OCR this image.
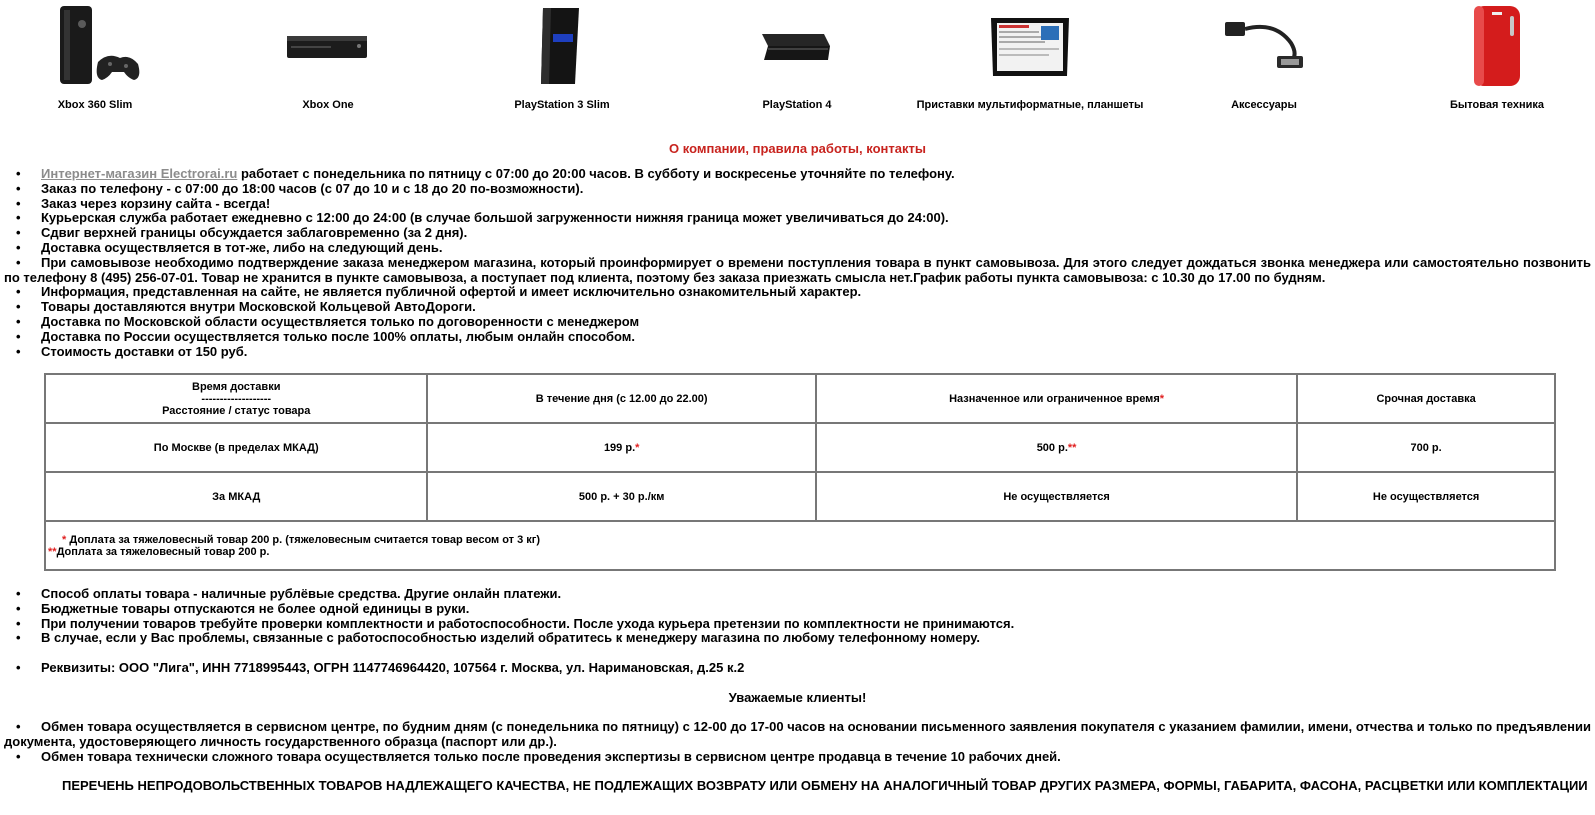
Xbox 360 Slim	Xbox One	PlayStation 3 Slim	PlayStation 4	Приставки мультиформатные, планшеты	Аксессуары	Бытовая техника
О компании, правила работы, контакты
• Интернет-магазин Electrorai.ru работает с понедельника по пятницу с 07:00 до 20:00 часов. В субботу и воскресенье уточняйте по телефону.
• Заказ по телефону - с 07:00 до 18:00 часов (с 07 до 10 и с 18 до 20 по-возможности).
• Заказ через корзину сайта - всегда!
• Курьерская служба работает ежедневно с 12:00 до 24:00 (в случае большой загруженности нижняя граница может увеличиваться до 24:00).
• Сдвиг верхней границы обсуждается заблаговременно (за 2 дня).
• Доставка осуществляется в тот-же, либо на следующий день.
• При самовывозе необходимо подтверждение заказа менеджером магазина, который проинформирует о времени поступления товара в пункт самовывоза. Для этого следует дождаться звонка менеджера или самостоятельно позвонить по телефону 8 (495) 256-07-01. Товар не хранится в пункте самовывоза, а поступает под клиента, поэтому без заказа приезжать смысла нет.График работы пункта самовывоза: с 10.30 до 17.00 по будням.
• Информация, представленная на сайте, не является публичной офертой и имеет исключительно ознакомительный характер.
• Товары доставляются внутри Московской Кольцевой АвтоДороги.
• Доставка по Московской области осуществляется только по договоренности с менеджером
• Доставка по России осуществляется только после 100% оплаты, любым онлайн способом.
• Стоимость доставки от 150 руб.
Время доставки
-------------------
Расстояние / статус товара	В течение дня (с 12.00 до 22.00)	Назначенное или ограниченное время*	Срочная доставка
По Москве (в пределах МКАД)	199 р.*	500 р.**	700 р.
За МКАД	500 р. + 30 р./км	Не осуществляется	Не осуществляется

* Доплата за тяжеловесный товар 200 р. (тяжеловесным считается товар весом от 3 кг)
**Доплата за тяжеловесный товар 200 р.			
• Способ оплаты товара - наличные рублёвые средства. Другие онлайн платежи.
• Бюджетные товары отпускаются не более одной единицы в руки.
• При получении товаров требуйте проверки комплектности и работоспособности. После ухода курьера претензии по комплектности не принимаются.
• В случае, если у Вас проблемы, связанные с работоспособностью изделий обратитесь к менеджеру магазина по любому телефонному номеру.
• Реквизиты: ООО "Лига", ИНН 7718995443, ОГРН 1147746964420, 107564 г. Москва, ул. Наримановская, д.25 к.2
Уважаемые клиенты!
• Обмен товара осуществляется в сервисном центре, по будним дням (с понедельника по пятницу) с 12-00 до 17-00 часов на основании письменного заявления покупателя с указанием фамилии, имени, отчества и только по предъявлении документа, удостоверяющего личность государственного образца (паспорт или др.).
• Обмен товара технически сложного товара осуществляется только после проведения экспертизы в сервисном центре продавца в течение 10 рабочих дней.
ПЕРЕЧЕНЬ НЕПРОДОВОЛЬСТВЕННЫХ ТОВАРОВ НАДЛЕЖАЩЕГО КАЧЕСТВА, НЕ ПОДЛЕЖАЩИХ ВОЗВРАТУ ИЛИ ОБМЕНУ НА АНАЛОГИЧНЫЙ ТОВАР ДРУГИХ РАЗМЕРА, ФОРМЫ, ГАБАРИТА, ФАСОНА, РАСЦВЕТКИ ИЛИ КОМПЛЕКТАЦИИ
